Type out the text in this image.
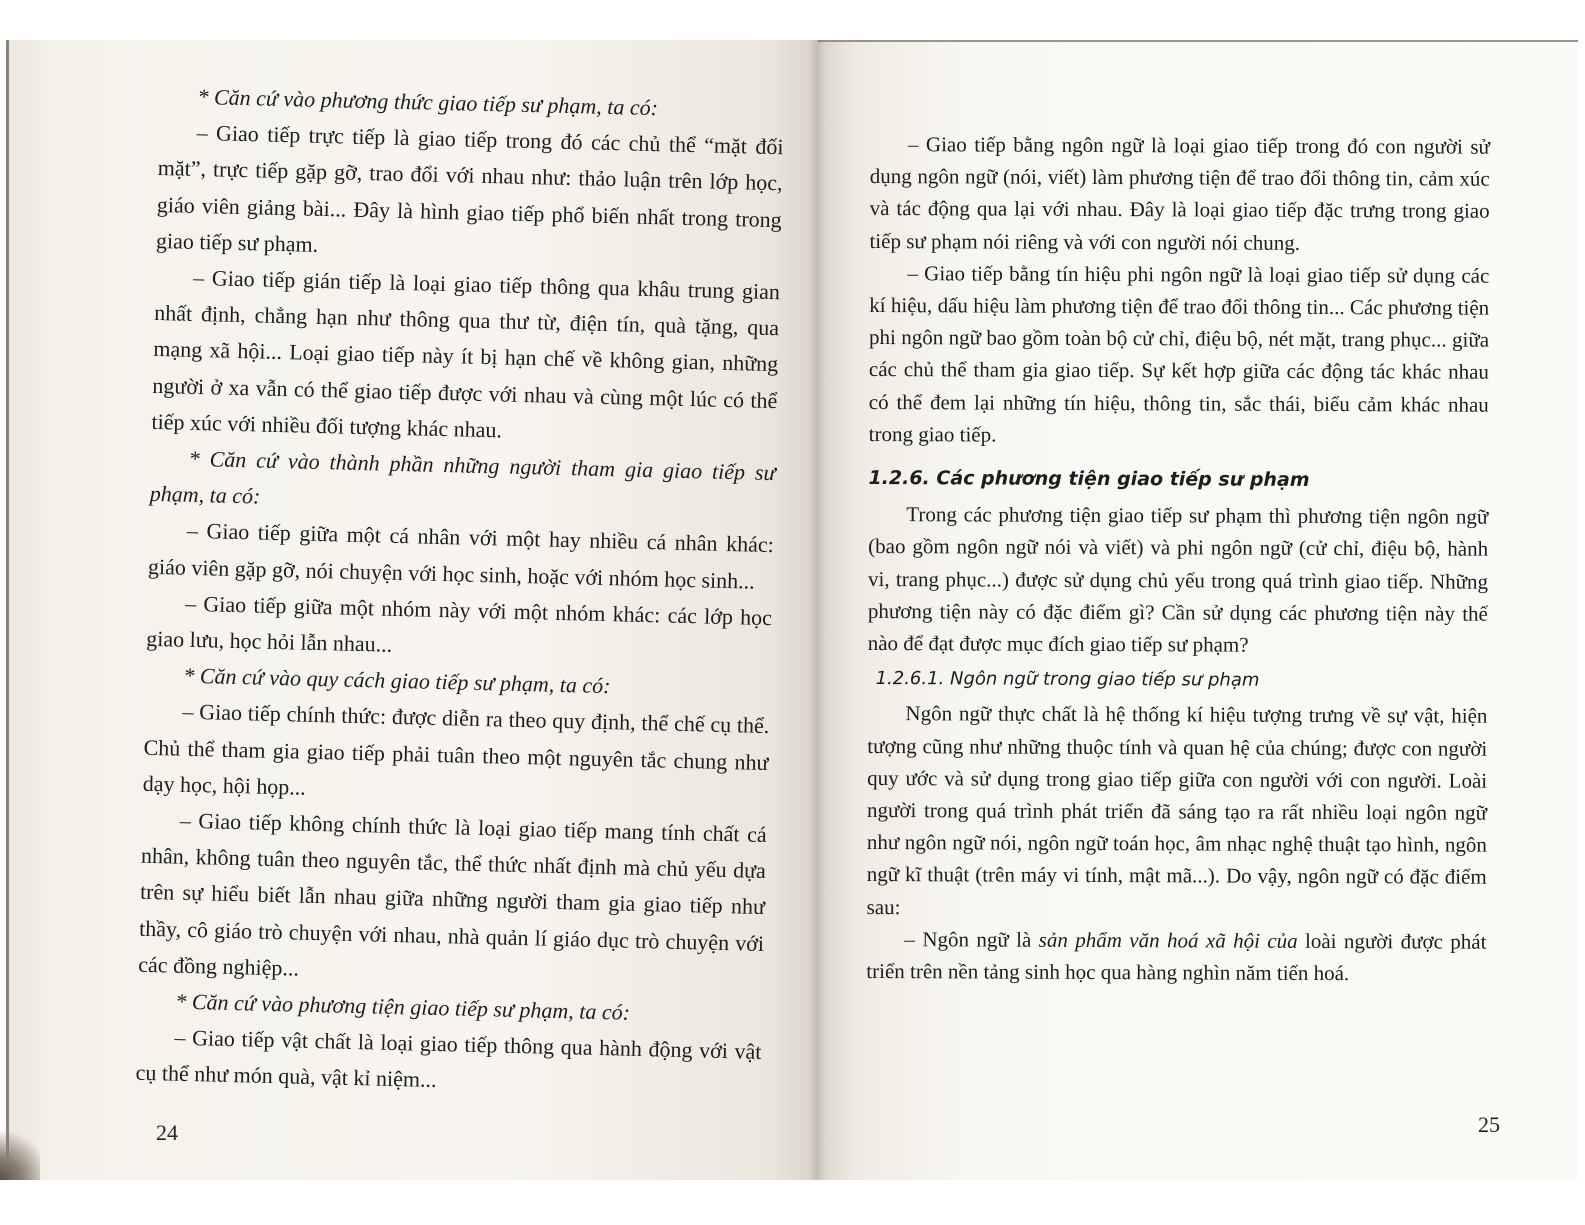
* Căn cứ vào phương thức giao tiếp sư phạm, ta có:

– Giao tiếp trực tiếp là giao tiếp trong đó các chủ thể “mặt đối mặt”, trực tiếp gặp gỡ, trao đổi với nhau như: thảo luận trên lớp học, giáo viên giảng bài... Đây là hình giao tiếp phổ biến nhất trong trong giao tiếp sư phạm.

– Giao tiếp gián tiếp là loại giao tiếp thông qua khâu trung gian nhất định, chẳng hạn như thông qua thư từ, điện tín, quà tặng, qua mạng xã hội... Loại giao tiếp này ít bị hạn chế về không gian, những người ở xa vẫn có thể giao tiếp được với nhau và cùng một lúc có thể tiếp xúc với nhiều đối tượng khác nhau.

* Căn cứ vào thành phần những người tham gia giao tiếp sư phạm, ta có:

– Giao tiếp giữa một cá nhân với một hay nhiều cá nhân khác: giáo viên gặp gỡ, nói chuyện với học sinh, hoặc với nhóm học sinh...

– Giao tiếp giữa một nhóm này với một nhóm khác: các lớp học giao lưu, học hỏi lẫn nhau...

* Căn cứ vào quy cách giao tiếp sư phạm, ta có:

– Giao tiếp chính thức: được diễn ra theo quy định, thể chế cụ thể. Chủ thể tham gia giao tiếp phải tuân theo một nguyên tắc chung như dạy học, hội họp...

– Giao tiếp không chính thức là loại giao tiếp mang tính chất cá nhân, không tuân theo nguyên tắc, thể thức nhất định mà chủ yếu dựa trên sự hiểu biết lẫn nhau giữa những người tham gia giao tiếp như thầy, cô giáo trò chuyện với nhau, nhà quản lí giáo dục trò chuyện với các đồng nghiệp...

* Căn cứ vào phương tiện giao tiếp sư phạm, ta có:

– Giao tiếp vật chất là loại giao tiếp thông qua hành động với vật cụ thể như món quà, vật kỉ niệm...

24

– Giao tiếp bằng ngôn ngữ là loại giao tiếp trong đó con người sử dụng ngôn ngữ (nói, viết) làm phương tiện để trao đổi thông tin, cảm xúc và tác động qua lại với nhau. Đây là loại giao tiếp đặc trưng trong giao tiếp sư phạm nói riêng và với con người nói chung.

– Giao tiếp bằng tín hiệu phi ngôn ngữ là loại giao tiếp sử dụng các kí hiệu, dấu hiệu làm phương tiện để trao đổi thông tin... Các phương tiện phi ngôn ngữ bao gồm toàn bộ cử chỉ, điệu bộ, nét mặt, trang phục... giữa các chủ thể tham gia giao tiếp. Sự kết hợp giữa các động tác khác nhau có thể đem lại những tín hiệu, thông tin, sắc thái, biểu cảm khác nhau trong giao tiếp.

1.2.6. Các phương tiện giao tiếp sư phạm

Trong các phương tiện giao tiếp sư phạm thì phương tiện ngôn ngữ (bao gồm ngôn ngữ nói và viết) và phi ngôn ngữ (cử chỉ, điệu bộ, hành vi, trang phục...) được sử dụng chủ yếu trong quá trình giao tiếp. Những phương tiện này có đặc điểm gì? Cần sử dụng các phương tiện này thế nào để đạt được mục đích giao tiếp sư phạm?

1.2.6.1. Ngôn ngữ trong giao tiếp sư phạm

Ngôn ngữ thực chất là hệ thống kí hiệu tượng trưng về sự vật, hiện tượng cũng như những thuộc tính và quan hệ của chúng; được con người quy ước và sử dụng trong giao tiếp giữa con người với con người. Loài người trong quá trình phát triển đã sáng tạo ra rất nhiều loại ngôn ngữ như ngôn ngữ nói, ngôn ngữ toán học, âm nhạc nghệ thuật tạo hình, ngôn ngữ kĩ thuật (trên máy vi tính, mật mã...). Do vậy, ngôn ngữ có đặc điểm sau:

– Ngôn ngữ là sản phẩm văn hoá xã hội của loài người được phát triển trên nền tảng sinh học qua hàng nghìn năm tiến hoá.

25
